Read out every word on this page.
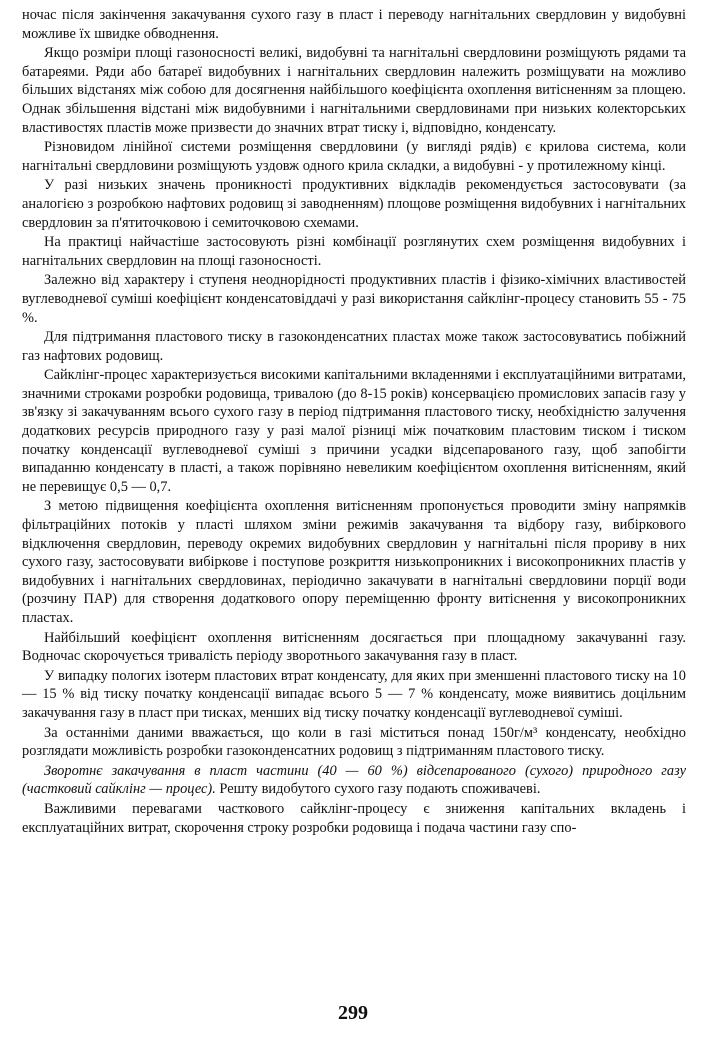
ночас після закінчення закачування сухого газу в пласт і переводу нагнітальних свердловин у видобувні можливе їх швидке обводнення.

Якщо розміри площі газоносності великі, видобувні та нагнітальні свердловини розміщують рядами та батареями. Ряди або батареї видобувних і нагнітальних свердловин належить розміщувати на можливо більших відстанях між собою для досягнення найбільшого коефіцієнта охоплення витісненням за площею. Однак збільшення відстані між видобувними і нагнітальними свердловинами при низьких колекторських властивостях пластів може призвести до значних втрат тиску і, відповідно, конденсату.

Різновидом лінійної системи розміщення свердловини (у вигляді рядів) є крилова система, коли нагнітальні свердловини розміщують уздовж одного крила складки, а видобувні - у протилежному кінці.

У разі низьких значень проникності продуктивних відкладів рекомендується застосовувати (за аналогією з розробкою нафтових родовищ зі заводненням) площове розміщення видобувних і нагнітальних свердловин за п'ятиточковою і семиточковою схемами.

На практиці найчастіше застосовують різні комбінації розглянутих схем розміщення видобувних і нагнітальних свердловин на площі газоносності.

Залежно від характеру і ступеня неоднорідності продуктивних пластів і фізико-хімічних властивостей вуглеводневої суміші коефіцієнт конденсатовіддачі у разі використання сайклінг-процесу становить 55 - 75 %.

Для підтримання пластового тиску в газоконденсатних пластах може також застосовуватись побіжний газ нафтових родовищ.

Сайклінг-процес характеризується високими капітальними вкладеннями і експлуатаційними витратами, значними строками розробки родовища, тривалою (до 8-15 років) консервацією промислових запасів газу у зв'язку зі закачуванням всього сухого газу в період підтримання пластового тиску, необхідністю залучення додаткових ресурсів природного газу у разі малої різниці між початковим пластовим тиском і тиском початку конденсації вуглеводневої суміші з причини усадки відсепарованого газу, щоб запобігти випаданню конденсату в пласті, а також порівняно невеликим коефіцієнтом охоплення витісненням, який не перевищує 0,5 — 0,7.

З метою підвищення коефіцієнта охоплення витісненням пропонується проводити зміну напрямків фільтраційних потоків у пласті шляхом зміни режимів закачування та відбору газу, вибіркового відключення свердловин, переводу окремих видобувних свердловин у нагнітальні після прориву в них сухого газу, застосовувати вибіркове і поступове розкриття низькопроникних і високопроникних пластів у видобувних і нагнітальних свердловинах, періодично закачувати в нагнітальні свердловини порції води (розчину ПАР) для створення додаткового опору переміщенню фронту витіснення у високопроникних пластах.

Найбільший коефіцієнт охоплення витісненням досягається при площадному закачуванні газу. Водночас скорочується тривалість періоду зворотнього закачування газу в пласт.

У випадку пологих ізотерм пластових втрат конденсату, для яких при зменшенні пластового тиску на 10 — 15 % від тиску початку конденсації випадає всього 5 — 7 % конденсату, може виявитись доцільним закачування газу в пласт при тисках, менших від тиску початку конденсації вуглеводневої суміші.

За останніми даними вважається, що коли в газі міститься понад 150г/м³ конденсату, необхідно розглядати можливість розробки газоконденсатних родовищ з підтриманням пластового тиску.

Зворотнє закачування в пласт частини (40 — 60 %) відсепарованого (сухого) природного газу (частковий сайклінг — процес). Решту видобутого сухого газу подають споживачеві.

Важливими перевагами часткового сайклінг-процесу є зниження капітальних вкладень і експлуатаційних витрат, скорочення строку розробки родовища і подача частини газу спо-

299
